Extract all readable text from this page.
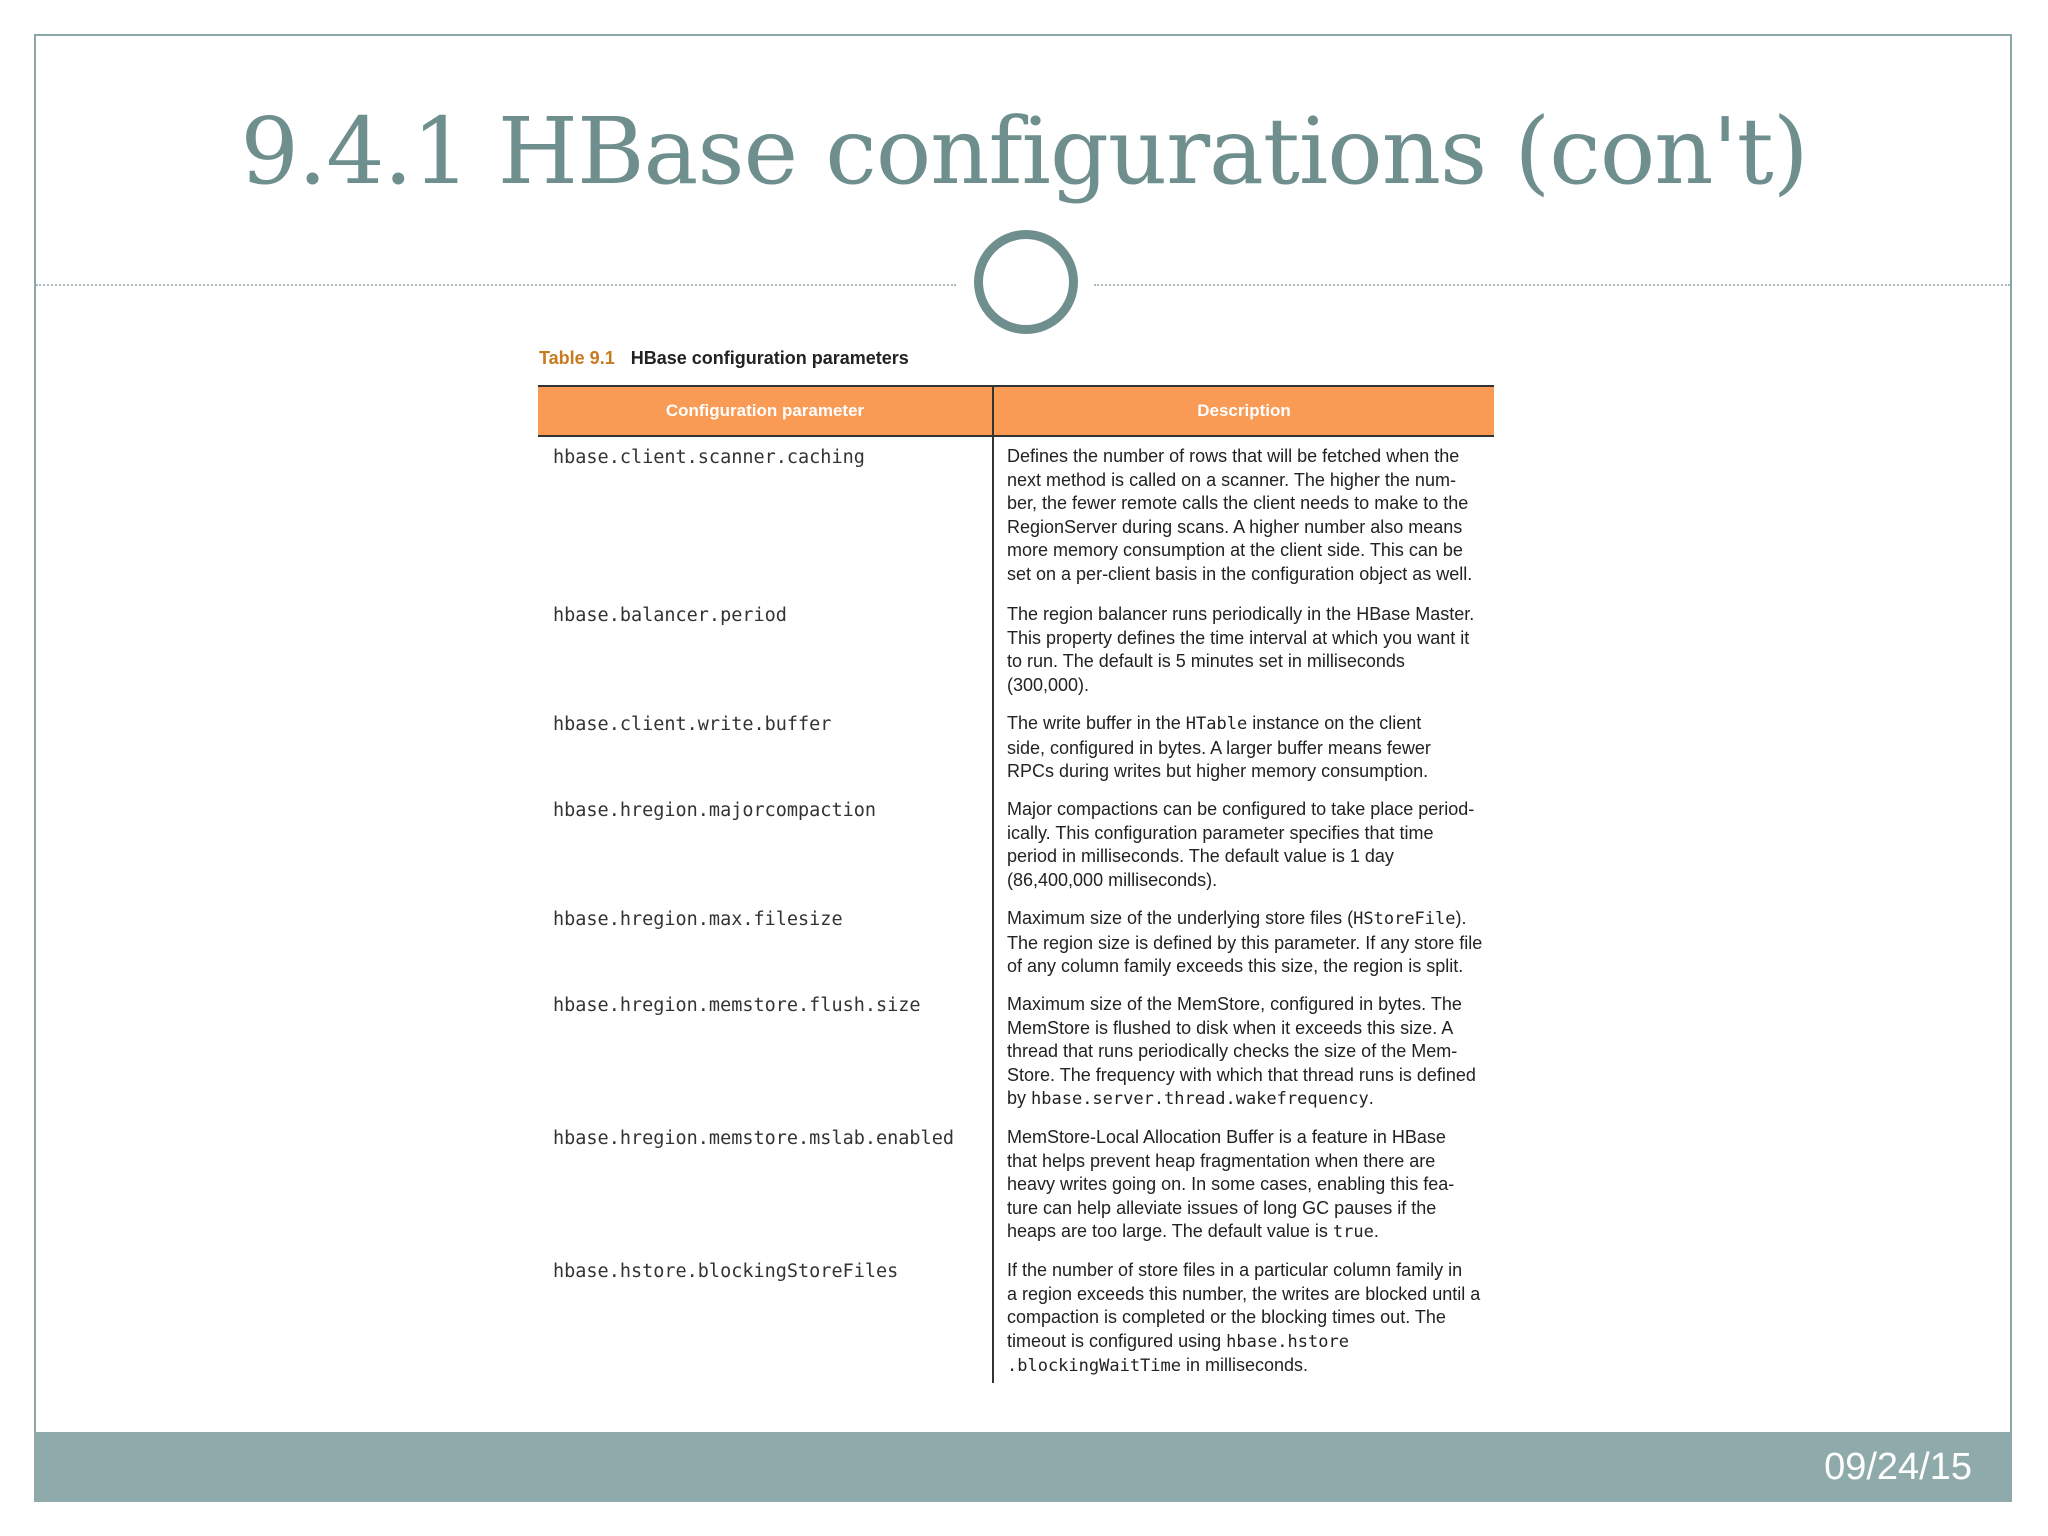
9.4.1 HBase configurations (con't)
Table 9.1 HBase configuration parameters
Configuration parameter	Description
hbase.client.scanner.caching	Defines the number of rows that will be fetched when the
next method is called on a scanner. The higher the num-
ber, the fewer remote calls the client needs to make to the
RegionServer during scans. A higher number also means
more memory consumption at the client side. This can be
set on a per-client basis in the configuration object as well.
hbase.balancer.period	The region balancer runs periodically in the HBase Master.
This property defines the time interval at which you want it
to run. The default is 5 minutes set in milliseconds
(300,000).
hbase.client.write.buffer	The write buffer in the HTable instance on the client
side, configured in bytes. A larger buffer means fewer
RPCs during writes but higher memory consumption.
hbase.hregion.majorcompaction	Major compactions can be configured to take place period-
ically. This configuration parameter specifies that time
period in milliseconds. The default value is 1 day
(86,400,000 milliseconds).
hbase.hregion.max.filesize	Maximum size of the underlying store files (HStoreFile).
The region size is defined by this parameter. If any store file
of any column family exceeds this size, the region is split.
hbase.hregion.memstore.flush.size	Maximum size of the MemStore, configured in bytes. The
MemStore is flushed to disk when it exceeds this size. A
thread that runs periodically checks the size of the Mem-
Store. The frequency with which that thread runs is defined
by hbase.server.thread.wakefrequency.
hbase.hregion.memstore.mslab.enabled	MemStore-Local Allocation Buffer is a feature in HBase
that helps prevent heap fragmentation when there are
heavy writes going on. In some cases, enabling this fea-
ture can help alleviate issues of long GC pauses if the
heaps are too large. The default value is true.
hbase.hstore.blockingStoreFiles	If the number of store files in a particular column family in
a region exceeds this number, the writes are blocked until a
compaction is completed or the blocking times out. The
timeout is configured using hbase.hstore
.blockingWaitTime in milliseconds.
09/24/15
